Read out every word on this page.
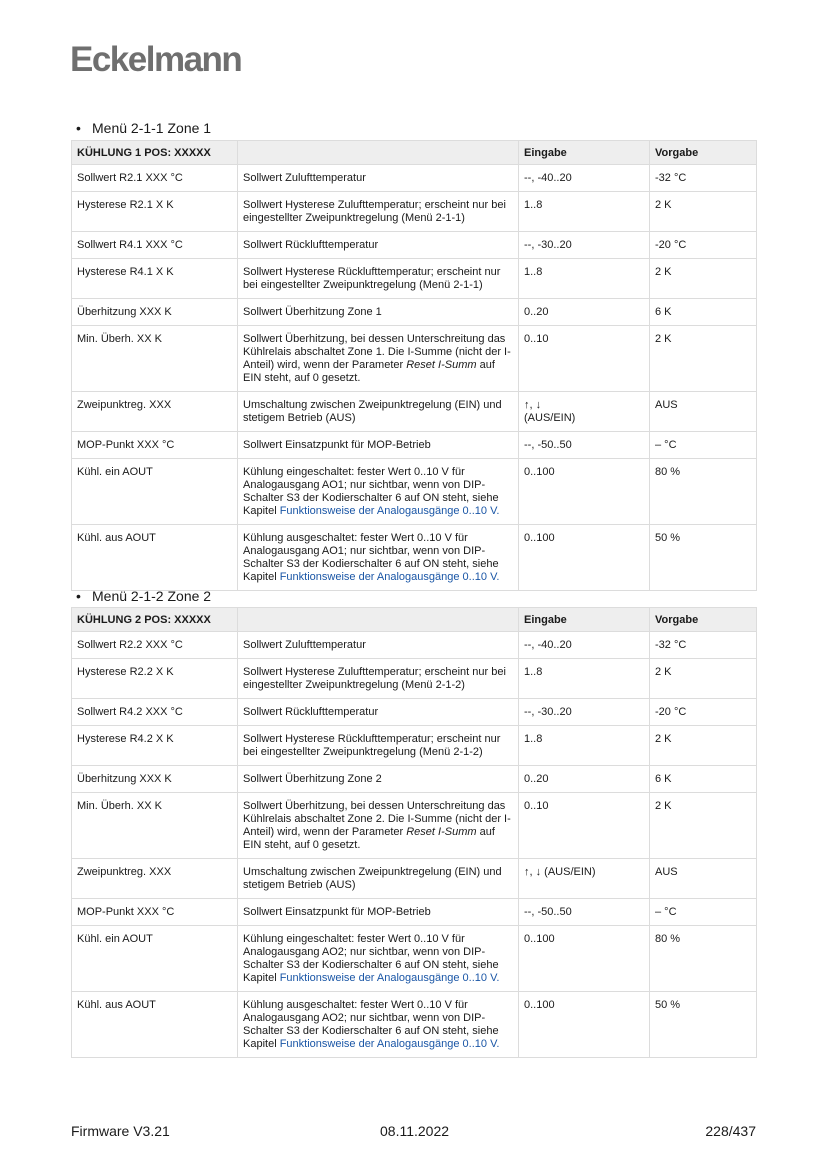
Eckelmann
• Menü 2-1-1 Zone 1
KÜHLUNG 1 POS: XXXXX		Eingabe	Vorgabe
Sollwert R2.1 XXX °C	Sollwert Zulufttemperatur	--, -40..20	-32 °C
Hysterese R2.1 X K	Sollwert Hysterese Zulufttemperatur; erscheint nur bei eingestellter Zweipunktregelung (Menü 2-1-1)	1..8	2 K
Sollwert R4.1 XXX °C	Sollwert Rücklufttemperatur	--, -30..20	-20 °C
Hysterese R4.1 X K	Sollwert Hysterese Rücklufttemperatur; erscheint nur bei eingestellter Zweipunktregelung (Menü 2-1-1)	1..8	2 K
Überhitzung XXX K	Sollwert Überhitzung Zone 1	0..20	6 K
Min. Überh. XX K	Sollwert Überhitzung, bei dessen Unterschreitung das Kühlrelais abschaltet Zone 1. Die I-Summe (nicht der I-Anteil) wird, wenn der Parameter Reset I-Summ auf EIN steht, auf 0 gesetzt.	0..10	2 K
Zweipunktreg. XXX	Umschaltung zwischen Zweipunktregelung (EIN) und stetigem Betrieb (AUS)	↑, ↓ (AUS/EIN)	AUS
MOP-Punkt XXX °C	Sollwert Einsatzpunkt für MOP-Betrieb	--, -50..50	– °C
Kühl. ein AOUT	Kühlung eingeschaltet: fester Wert 0..10 V für Analogausgang AO1; nur sichtbar, wenn von DIP-Schalter S3 der Kodierschalter 6 auf ON steht, siehe Kapitel Funktionsweise der Analogausgänge 0..10 V.	0..100	80 %
Kühl. aus AOUT	Kühlung ausgeschaltet: fester Wert 0..10 V für Analogausgang AO1; nur sichtbar, wenn von DIP-Schalter S3 der Kodierschalter 6 auf ON steht, siehe Kapitel Funktionsweise der Analogausgänge 0..10 V.	0..100	50 %
• Menü 2-1-2 Zone 2
KÜHLUNG 2 POS: XXXXX		Eingabe	Vorgabe
Sollwert R2.2 XXX °C	Sollwert Zulufttemperatur	--, -40..20	-32 °C
Hysterese R2.2 X K	Sollwert Hysterese Zulufttemperatur; erscheint nur bei eingestellter Zweipunktregelung (Menü 2-1-2)	1..8	2 K
Sollwert R4.2 XXX °C	Sollwert Rücklufttemperatur	--, -30..20	-20 °C
Hysterese R4.2 X K	Sollwert Hysterese Rücklufttemperatur; erscheint nur bei eingestellter Zweipunktregelung (Menü 2-1-2)	1..8	2 K
Überhitzung XXX K	Sollwert Überhitzung Zone 2	0..20	6 K
Min. Überh. XX K	Sollwert Überhitzung, bei dessen Unterschreitung das Kühlrelais abschaltet Zone 2. Die I-Summe (nicht der I-Anteil) wird, wenn der Parameter Reset I-Summ auf EIN steht, auf 0 gesetzt.	0..10	2 K
Zweipunktreg. XXX	Umschaltung zwischen Zweipunktregelung (EIN) und stetigem Betrieb (AUS)	↑, ↓ (AUS/EIN)	AUS
MOP-Punkt XXX °C	Sollwert Einsatzpunkt für MOP-Betrieb	--, -50..50	– °C
Kühl. ein AOUT	Kühlung eingeschaltet: fester Wert 0..10 V für Analogausgang AO2; nur sichtbar, wenn von DIP-Schalter S3 der Kodierschalter 6 auf ON steht, siehe Kapitel Funktionsweise der Analogausgänge 0..10 V.	0..100	80 %
Kühl. aus AOUT	Kühlung ausgeschaltet: fester Wert 0..10 V für Analogausgang AO2; nur sichtbar, wenn von DIP-Schalter S3 der Kodierschalter 6 auf ON steht, siehe Kapitel Funktionsweise der Analogausgänge 0..10 V.	0..100	50 %
Firmware V3.21	08.11.2022	228/437
